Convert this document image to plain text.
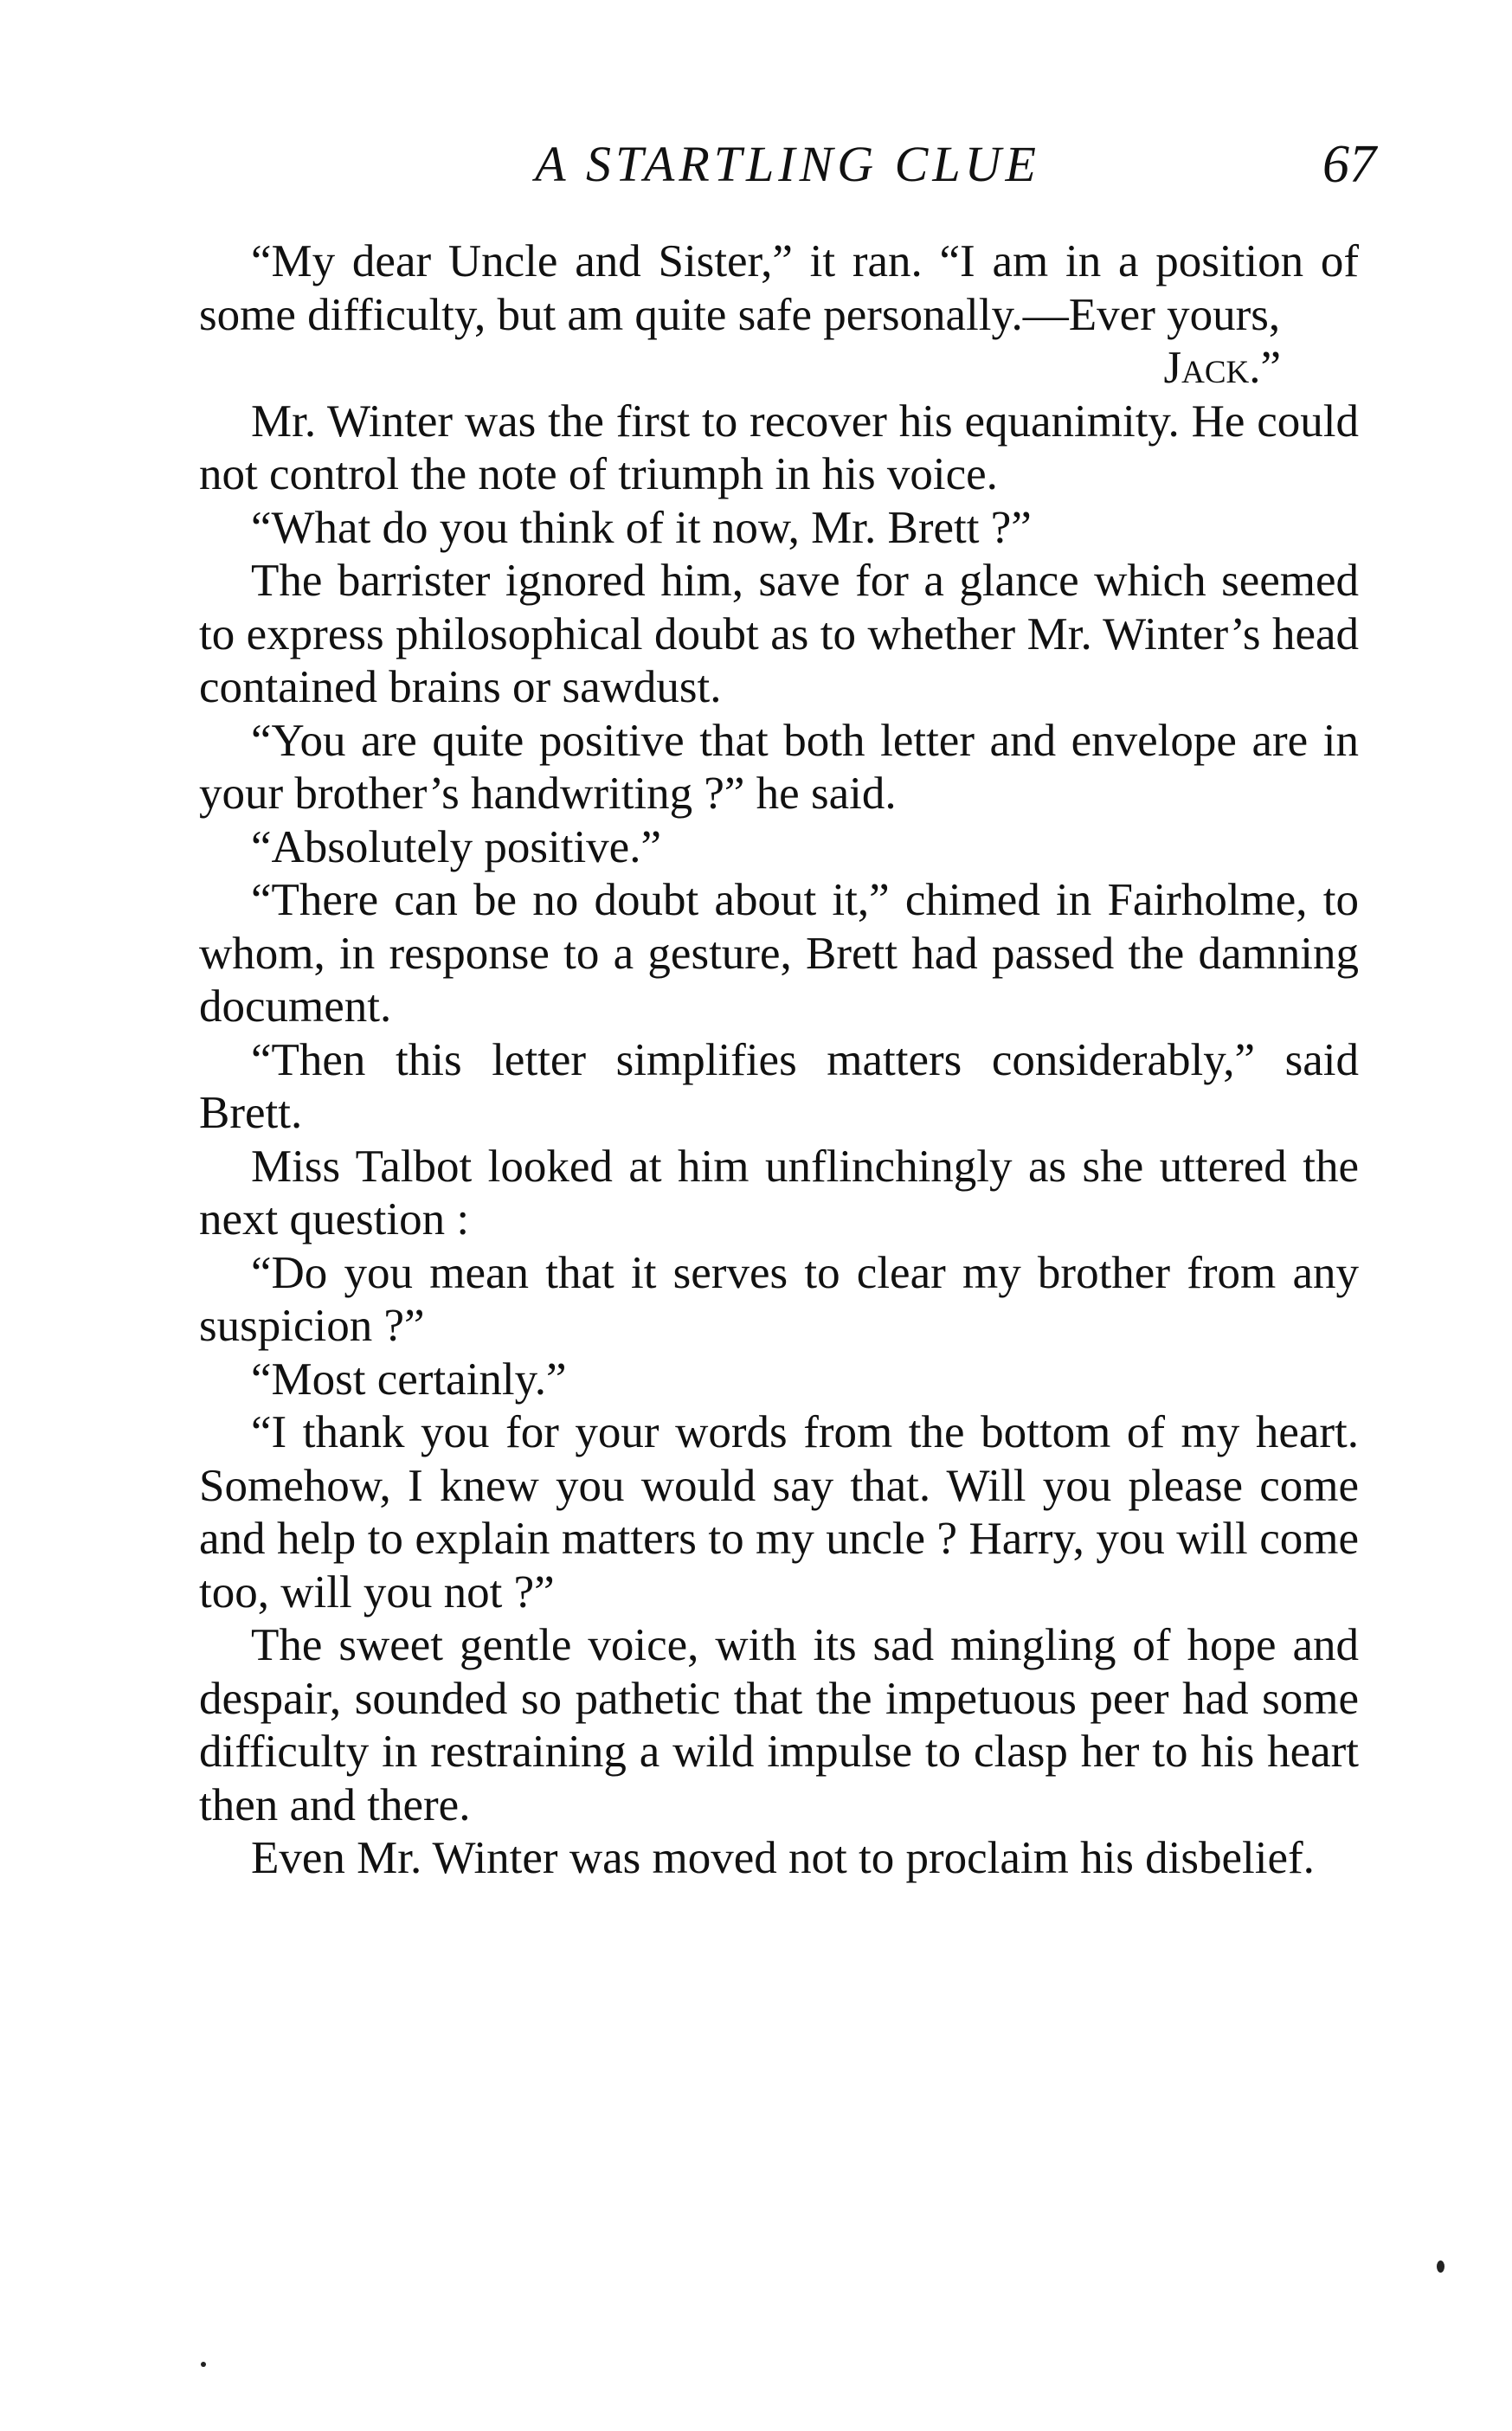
A STARTLING CLUE	67

“My dear Uncle and Sister,” it ran. “I am in a position of some difficulty, but am quite safe personally.—Ever yours,

Jack.”

Mr. Winter was the first to recover his equanimity. He could not control the note of triumph in his voice.

“What do you think of it now, Mr. Brett ?”

The barrister ignored him, save for a glance which seemed to express philosophical doubt as to whether Mr. Winter’s head contained brains or sawdust.

“You are quite positive that both letter and envelope are in your brother’s handwriting ?” he said.

“Absolutely positive.”

“There can be no doubt about it,” chimed in Fairholme, to whom, in response to a gesture, Brett had passed the damning document.

“Then this letter simplifies matters considerably,” said Brett.

Miss Talbot looked at him unflinchingly as she uttered the next question :

“Do you mean that it serves to clear my brother from any suspicion ?”

“Most certainly.”

“I thank you for your words from the bottom of my heart. Somehow, I knew you would say that. Will you please come and help to explain matters to my uncle ? Harry, you will come too, will you not ?”

The sweet gentle voice, with its sad mingling of hope and despair, sounded so pathetic that the impetuous peer had some difficulty in restraining a wild impulse to clasp her to his heart then and there.

Even Mr. Winter was moved not to proclaim his disbelief.
